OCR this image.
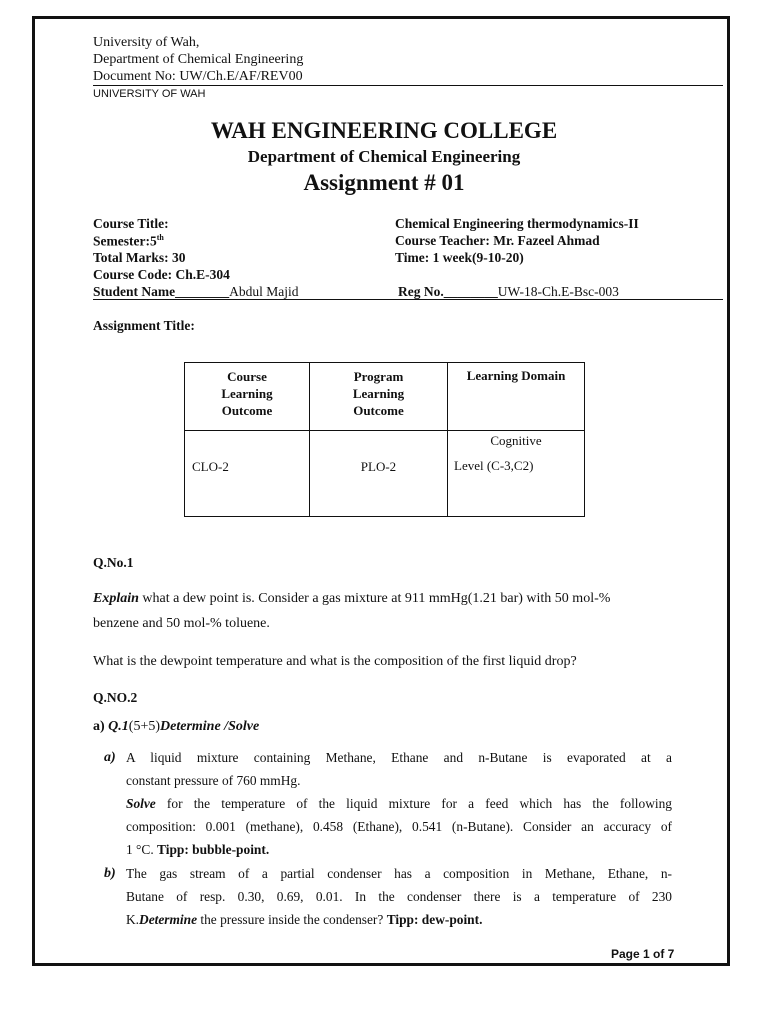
University of Wah,
Department of Chemical Engineering
Document No: UW/Ch.E/AF/REV00
UNIVERSITY OF WAH
WAH ENGINEERING COLLEGE
Department of Chemical Engineering
Assignment # 01
Course Title:	Chemical Engineering thermodynamics-II
Semester:5th	Course Teacher: Mr. Fazeel Ahmad
Total Marks: 30	Time: 1 week(9-10-20)
Course Code: Ch.E-304
Student Name________Abdul Majid	Reg No.________UW-18-Ch.E-Bsc-003
Assignment Title:
Course Learning Outcome	Program Learning Outcome	Learning Domain
CLO-2	PLO-2	Cognitive
Level (C-3,C2)
Q.No.1
Explain what a dew point is. Consider a gas mixture at 911 mmHg(1.21 bar) with 50 mol-%
benzene and 50 mol-% toluene.
What is the dewpoint temperature and what is the composition of the first liquid drop?
Q.NO.2
a) Q.1(5+5)Determine /Solve
a) A liquid mixture containing Methane, Ethane and n-Butane is evaporated at a
constant pressure of 760 mmHg.
Solve for the temperature of the liquid mixture for a feed which has the following
composition: 0.001 (methane), 0.458 (Ethane), 0.541 (n-Butane). Consider an accuracy of
1 °C. Tipp: bubble-point.
b) The gas stream of a partial condenser has a composition in Methane, Ethane, n-
Butane of resp. 0.30, 0.69, 0.01. In the condenser there is a temperature of 230
K.Determine the pressure inside the condenser? Tipp: dew-point.
Page 1 of 7
